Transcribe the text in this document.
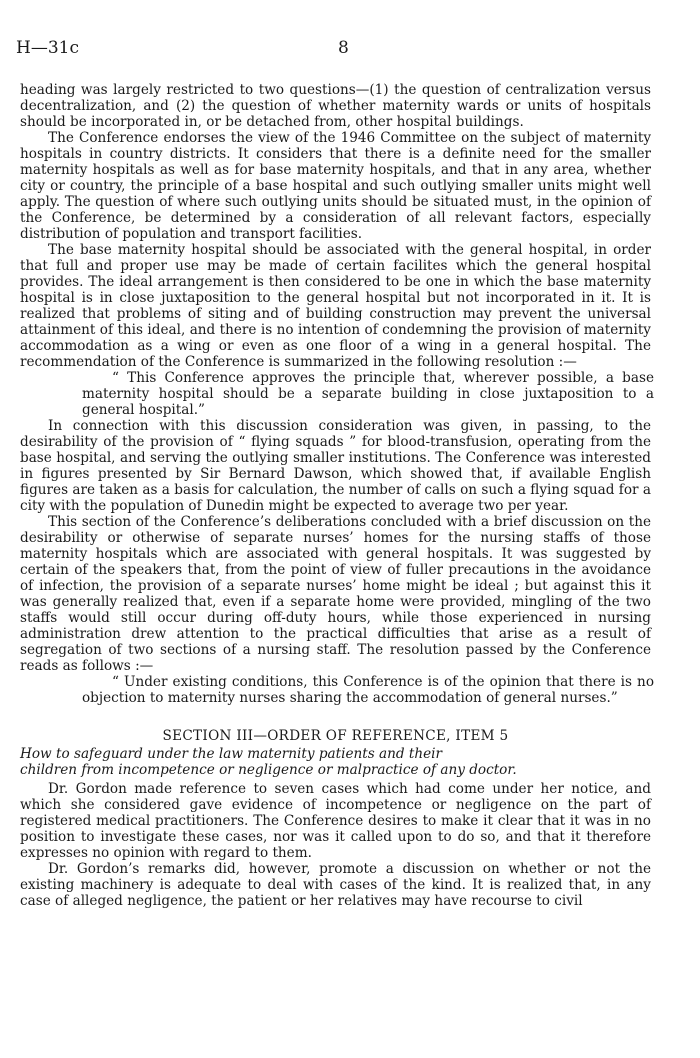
H—31c	8

heading was largely restricted to two questions—(1) the question of centralization versus decentralization, and (2) the question of whether maternity wards or units of hospitals should be incorporated in, or be detached from, other hospital buildings.

The Conference endorses the view of the 1946 Committee on the subject of maternity hospitals in country districts. It considers that there is a definite need for the smaller maternity hospitals as well as for base maternity hospitals, and that in any area, whether city or country, the principle of a base hospital and such outlying smaller units might well apply. The question of where such outlying units should be situated must, in the opinion of the Conference, be determined by a consideration of all relevant factors, especially distribution of population and transport facilities.

The base maternity hospital should be associated with the general hospital, in order that full and proper use may be made of certain facilites which the general hospital provides. The ideal arrangement is then considered to be one in which the base maternity hospital is in close juxtaposition to the general hospital but not incorporated in it. It is realized that problems of siting and of building construction may prevent the universal attainment of this ideal, and there is no intention of condemning the provision of maternity accommodation as a wing or even as one floor of a wing in a general hospital. The recommendation of the Conference is summarized in the following resolution :—

“ This Conference approves the principle that, wherever possible, a base maternity hospital should be a separate building in close juxtaposition to a general hospital.”

In connection with this discussion consideration was given, in passing, to the desirability of the provision of “ flying squads ” for blood-transfusion, operating from the base hospital, and serving the outlying smaller institutions. The Conference was interested in figures presented by Sir Bernard Dawson, which showed that, if available English figures are taken as a basis for calculation, the number of calls on such a flying squad for a city with the population of Dunedin might be expected to average two per year.

This section of the Conference’s deliberations concluded with a brief discussion on the desirability or otherwise of separate nurses’ homes for the nursing staffs of those maternity hospitals which are associated with general hospitals. It was suggested by certain of the speakers that, from the point of view of fuller precautions in the avoidance of infection, the provision of a separate nurses’ home might be ideal ; but against this it was generally realized that, even if a separate home were provided, mingling of the two staffs would still occur during off-duty hours, while those experienced in nursing administration drew attention to the practical difficulties that arise as a result of segregation of two sections of a nursing staff. The resolution passed by the Conference reads as follows :—

“ Under existing conditions, this Conference is of the opinion that there is no objection to maternity nurses sharing the accommodation of general nurses.”

SECTION III—ORDER OF REFERENCE, ITEM 5

How to safeguard under the law maternity patients and their

children from incompetence or negligence or malpractice of any doctor.

Dr. Gordon made reference to seven cases which had come under her notice, and which she considered gave evidence of incompetence or negligence on the part of registered medical practitioners. The Conference desires to make it clear that it was in no position to investigate these cases, nor was it called upon to do so, and that it therefore expresses no opinion with regard to them.

Dr. Gordon’s remarks did, however, promote a discussion on whether or not the existing machinery is adequate to deal with cases of the kind. It is realized that, in any case of alleged negligence, the patient or her relatives may have recourse to civil
